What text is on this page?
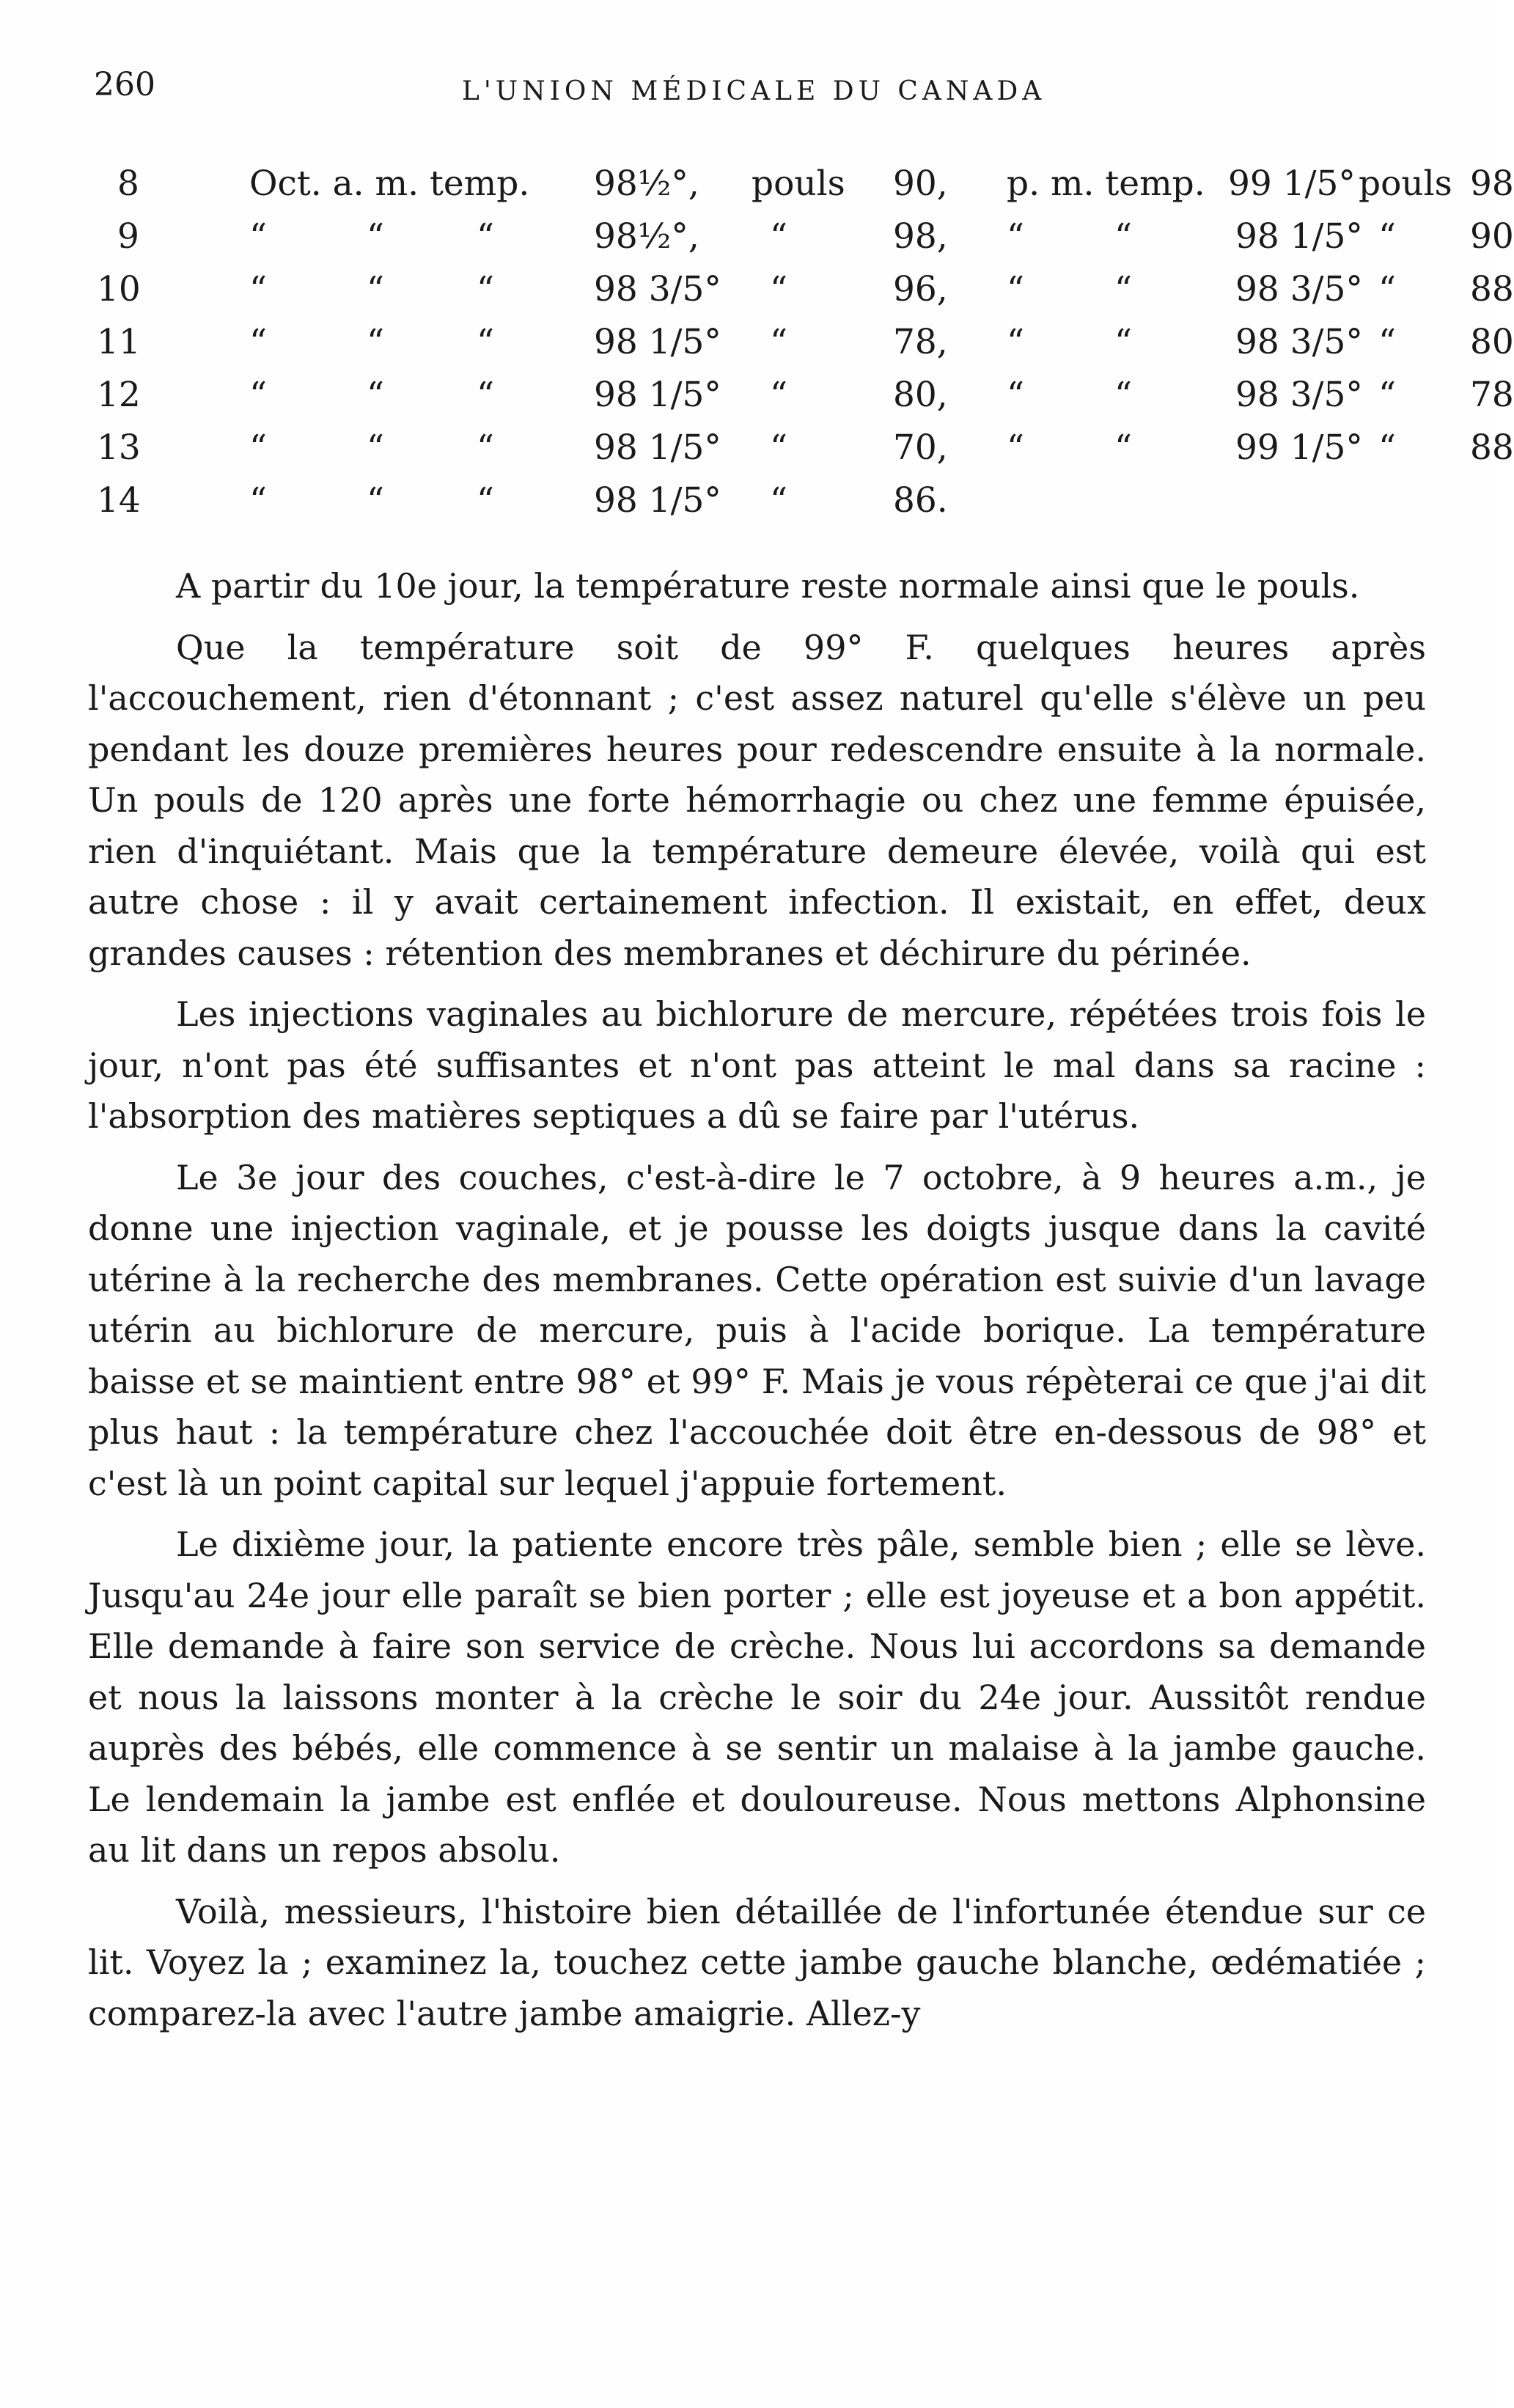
260	L'UNION MÉDICALE DU CANADA
8	Oct. a. m. temp. 98½°, pouls 90, p. m. temp. 99 1/5° pouls 98
9	“	“	“	98½°, “	98, “	“	98 1/5° “ 90
10	“	“	“	98 3/5° “	96, “	“	98 3/5° “ 88
11	“	“	“	98 1/5° “	78, “	“	98 3/5° “ 80
12	“	“	“	98 1/5° “	80, “	“	98 3/5° “ 78
13	“	“	“	98 1/5° “	70, “	“	99 1/5° “ 88
14	“	“	“	98 1/5° “	86.

A partir du 10e jour, la température reste normale ainsi que le pouls.

Que la température soit de 99° F. quelques heures après l'accouchement, rien d'étonnant ; c'est assez naturel qu'elle s'élève un peu pendant les douze premières heures pour redescendre ensuite à la normale. Un pouls de 120 après une forte hémorrhagie ou chez une femme épuisée, rien d'inquiétant. Mais que la température demeure élevée, voilà qui est autre chose : il y avait certainement infection. Il existait, en effet, deux grandes causes : rétention des membranes et déchirure du périnée.

Les injections vaginales au bichlorure de mercure, répétées trois fois le jour, n'ont pas été suffisantes et n'ont pas atteint le mal dans sa racine : l'absorption des matières septiques a dû se faire par l'utérus.

Le 3e jour des couches, c'est-à-dire le 7 octobre, à 9 heures a.m., je donne une injection vaginale, et je pousse les doigts jusque dans la cavité utérine à la recherche des membranes. Cette opération est suivie d'un lavage utérin au bichlorure de mercure, puis à l'acide borique. La température baisse et se maintient entre 98° et 99° F. Mais je vous répèterai ce que j'ai dit plus haut : la température chez l'accouchée doit être en-dessous de 98° et c'est là un point capital sur lequel j'appuie fortement.

Le dixième jour, la patiente encore très pâle, semble bien ; elle se lève. Jusqu'au 24e jour elle paraît se bien porter ; elle est joyeuse et a bon appétit. Elle demande à faire son service de crèche. Nous lui accordons sa demande et nous la laissons monter à la crèche le soir du 24e jour. Aussitôt rendue auprès des bébés, elle commence à se sentir un malaise à la jambe gauche. Le lendemain la jambe est enflée et douloureuse. Nous mettons Alphonsine au lit dans un repos absolu.

Voilà, messieurs, l'histoire bien détaillée de l'infortunée étendue sur ce lit. Voyez la ; examinez la, touchez cette jambe gauche blanche, œdématiée ; comparez-la avec l'autre jambe amaigrie. Allez-y
